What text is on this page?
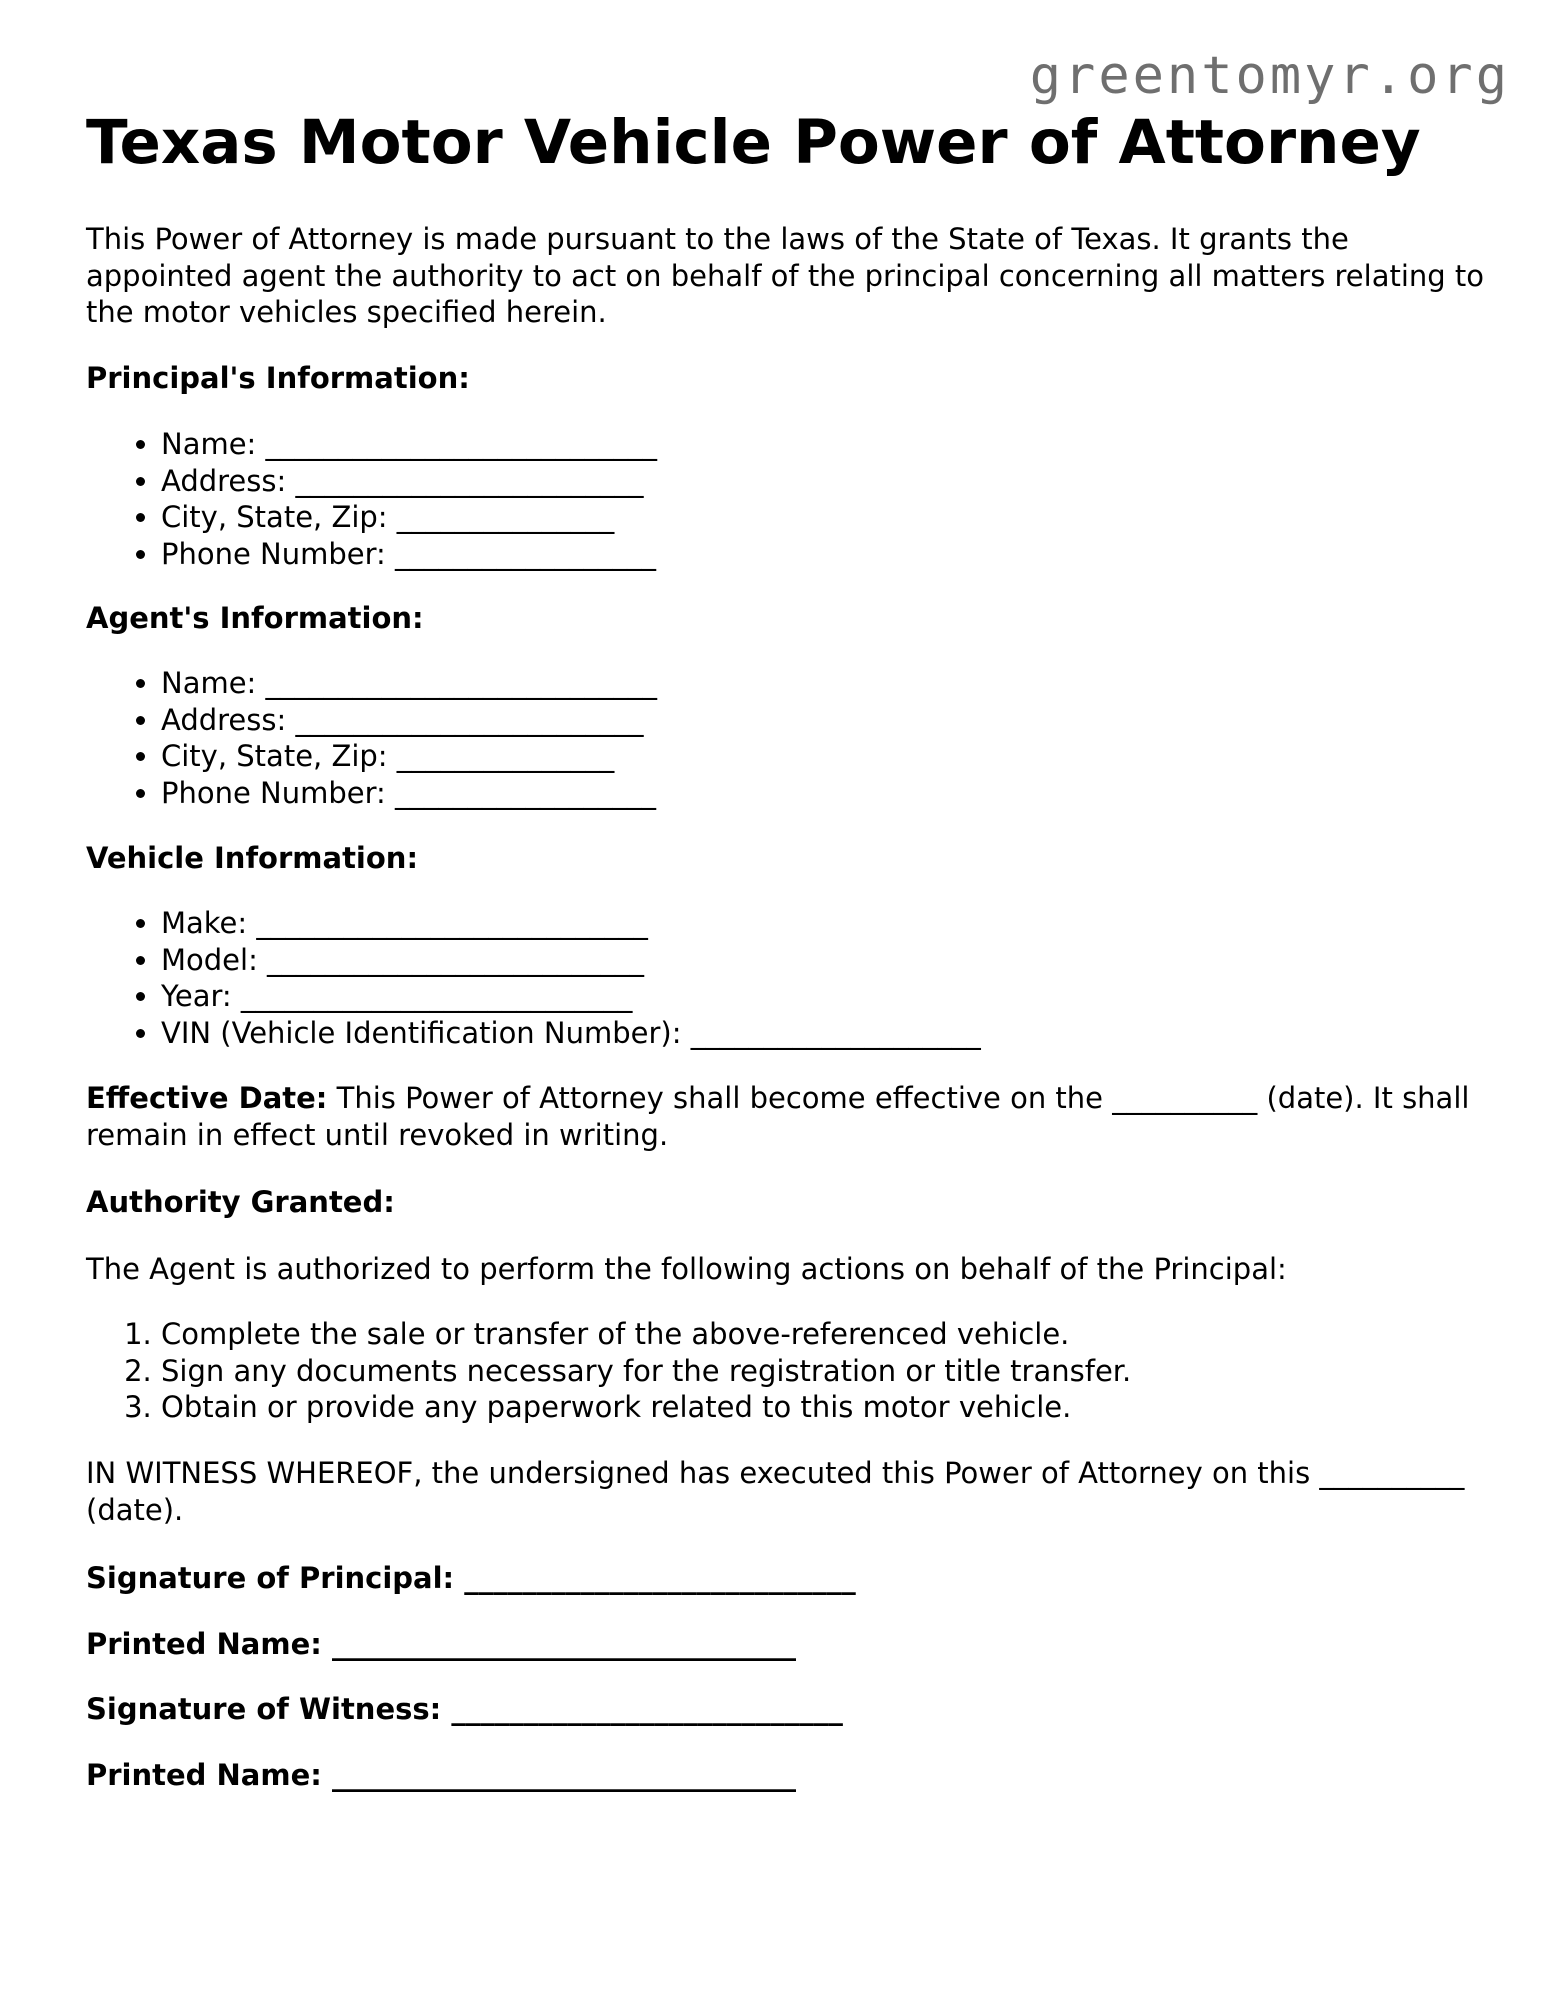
greentomyr.org
Texas Motor Vehicle Power of Attorney

This Power of Attorney is made pursuant to the laws of the State of Texas. It grants the appointed agent the authority to act on behalf of the principal concerning all matters relating to the motor vehicles specified herein.

Principal's Information:
• Name: ___________________________
• Address: ________________________
• City, State, Zip: _______________
• Phone Number: __________________
Agent's Information:
• Name: ___________________________
• Address: ________________________
• City, State, Zip: _______________
• Phone Number: __________________
Vehicle Information:
• Make: ___________________________
• Model: __________________________
• Year: ___________________________
• VIN (Vehicle Identification Number): ____________________

Effective Date: This Power of Attorney shall become effective on the __________ (date). It shall remain in effect until revoked in writing.

Authority Granted:

The Agent is authorized to perform the following actions on behalf of the Principal:

1. Complete the sale or transfer of the above-referenced vehicle.
2. Sign any documents necessary for the registration or title transfer.
3. Obtain or provide any paperwork related to this motor vehicle.

IN WITNESS WHEREOF, the undersigned has executed this Power of Attorney on this __________ (date).

Signature of Principal: ___________________________
Printed Name: ________________________________
Signature of Witness: ___________________________
Printed Name: ________________________________
